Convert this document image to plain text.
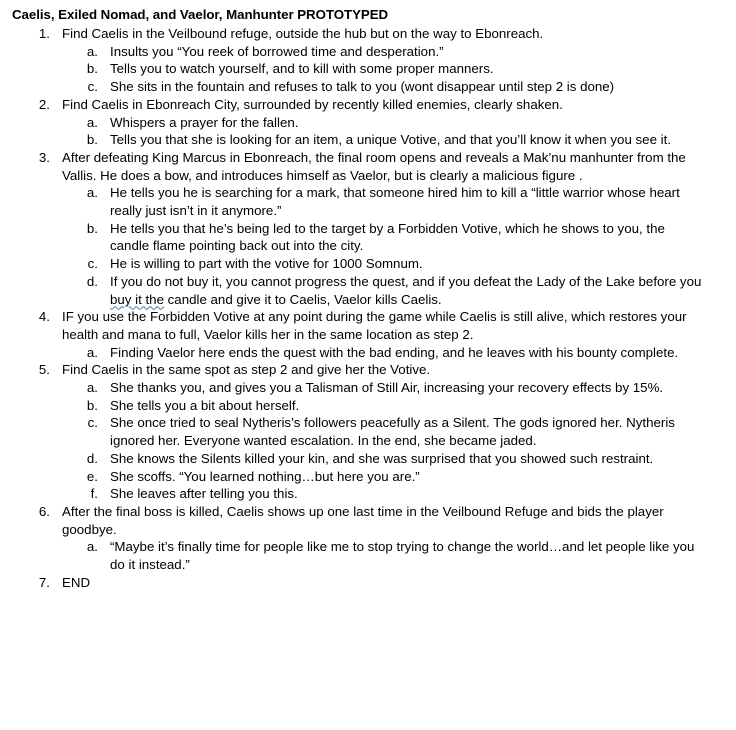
Caelis, Exiled Nomad, and Vaelor, Manhunter PROTOTYPED
1. Find Caelis in the Veilbound refuge, outside the hub but on the way to Ebonreach.
a. Insults you “You reek of borrowed time and desperation.”
b. Tells you to watch yourself, and to kill with some proper manners.
c. She sits in the fountain and refuses to talk to you (wont disappear until step 2 is done)
2. Find Caelis in Ebonreach City, surrounded by recently killed enemies, clearly shaken.
a. Whispers a prayer for the fallen.
b. Tells you that she is looking for an item, a unique Votive, and that you’ll know it when you see it.
3. After defeating King Marcus in Ebonreach, the final room opens and reveals a Mak’nu manhunter from the Vallis. He does a bow, and introduces himself as Vaelor, but is clearly a malicious figure .
a. He tells you he is searching for a mark, that someone hired him to kill a “little warrior whose heart really just isn’t in it anymore.”
b. He tells you that he’s being led to the target by a Forbidden Votive, which he shows to you, the candle flame pointing back out into the city.
c. He is willing to part with the votive for 1000 Somnum.
d. If you do not buy it, you cannot progress the quest, and if you defeat the Lady of the Lake before you buy it the candle and give it to Caelis, Vaelor kills Caelis.
4. IF you use the Forbidden Votive at any point during the game while Caelis is still alive, which restores your health and mana to full, Vaelor kills her in the same location as step 2.
a. Finding Vaelor here ends the quest with the bad ending, and he leaves with his bounty complete.
5. Find Caelis in the same spot as step 2 and give her the Votive.
a. She thanks you, and gives you a Talisman of Still Air, increasing your recovery effects by 15%.
b. She tells you a bit about herself.
c. She once tried to seal Nytheris’s followers peacefully as a Silent. The gods ignored her. Nytheris ignored her. Everyone wanted escalation. In the end, she became jaded.
d. She knows the Silents killed your kin, and she was surprised that you showed such restraint.
e. She scoffs. “You learned nothing…but here you are.”
f. She leaves after telling you this.
6. After the final boss is killed, Caelis shows up one last time in the Veilbound Refuge and bids the player goodbye.
a. “Maybe it’s finally time for people like me to stop trying to change the world…and let people like you do it instead.”
7. END
